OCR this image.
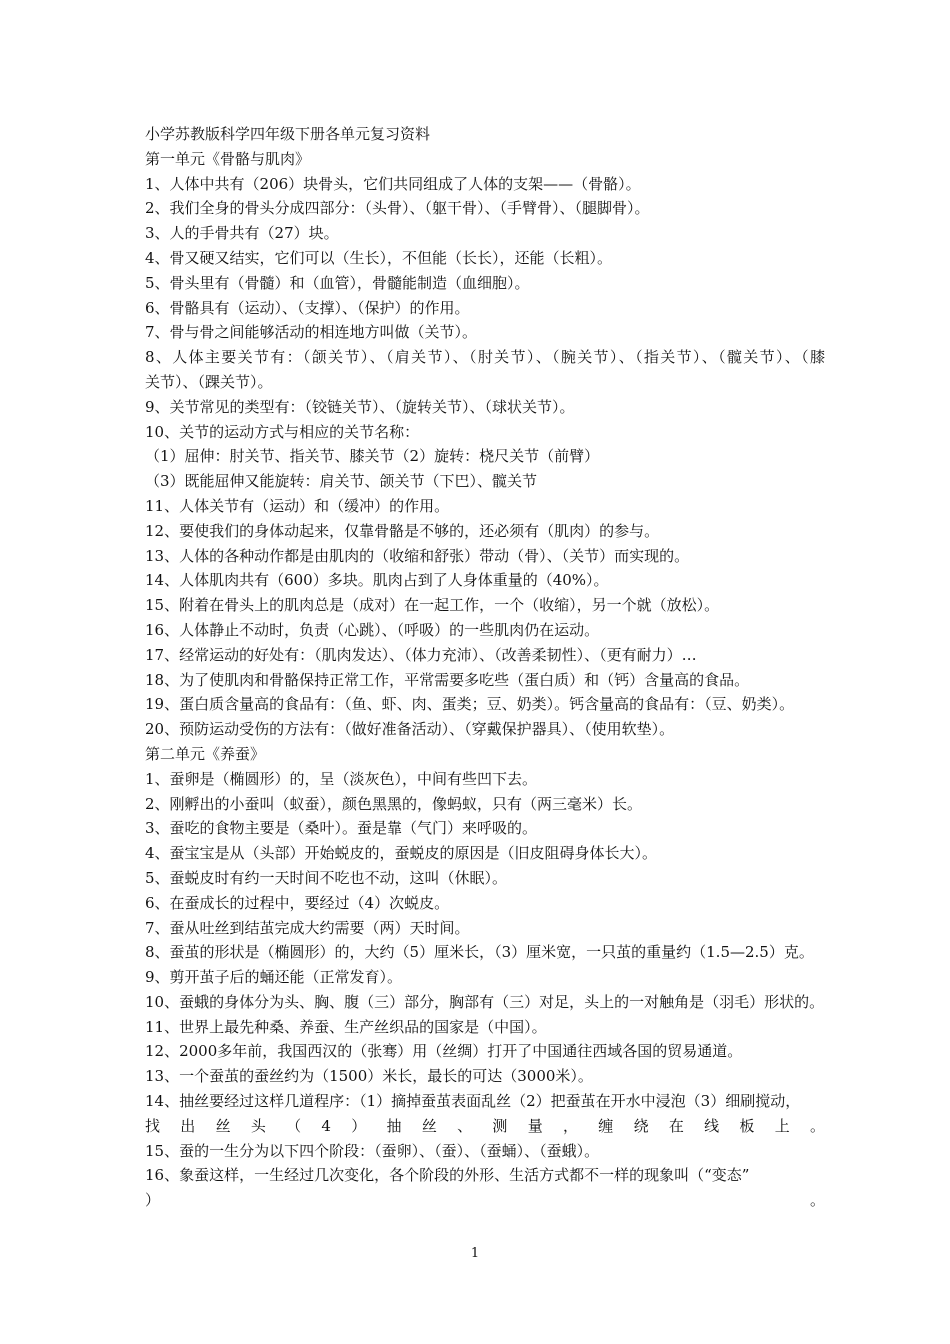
小学苏教版科学四年级下册各单元复习资料
第一单元《骨骼与肌肉》
1、人体中共有（206）块骨头，它们共同组成了人体的支架——（骨骼）。
2、我们全身的骨头分成四部分：（头骨）、（躯干骨）、（手臂骨）、（腿脚骨）。
3、人的手骨共有（27）块。
4、骨又硬又结实，它们可以（生长），不但能（长长），还能（长粗）。
5、骨头里有（骨髓）和（血管），骨髓能制造（血细胞）。
6、骨骼具有（运动）、（支撑）、（保护）的作用。
7、骨与骨之间能够活动的相连地方叫做（关节）。
8、人体主要关节有：（颌关节）、（肩关节）、（肘关节）、（腕关节）、（指关节）、（髋关节）、（膝
关节）、（踝关节）。
9、关节常见的类型有：（铰链关节）、（旋转关节）、（球状关节）。
10、关节的运动方式与相应的关节名称：
（1）屈伸：肘关节、指关节、膝关节（2）旋转：桡尺关节（前臂）
（3）既能屈伸又能旋转：肩关节、颌关节（下巴）、髋关节
11、人体关节有（运动）和（缓冲）的作用。
12、要使我们的身体动起来，仅靠骨骼是不够的，还必须有（肌肉）的参与。
13、人体的各种动作都是由肌肉的（收缩和舒张）带动（骨）、（关节）而实现的。
14、人体肌肉共有（600）多块。肌肉占到了人身体重量的（40%）。
15、附着在骨头上的肌肉总是（成对）在一起工作，一个（收缩），另一个就（放松）。
16、人体静止不动时，负责（心跳）、（呼吸）的一些肌肉仍在运动。
17、经常运动的好处有：（肌肉发达）、（体力充沛）、（改善柔韧性）、（更有耐力）…
18、为了使肌肉和骨骼保持正常工作，平常需要多吃些（蛋白质）和（钙）含量高的食品。
19、蛋白质含量高的食品有：（鱼、虾、肉、蛋类；豆、奶类）。钙含量高的食品有：（豆、奶类）。
20、预防运动受伤的方法有：（做好准备活动）、（穿戴保护器具）、（使用软垫）。
第二单元《养蚕》
1、蚕卵是（椭圆形）的，呈（淡灰色），中间有些凹下去。
2、刚孵出的小蚕叫（蚁蚕），颜色黑黑的，像蚂蚁，只有（两三毫米）长。
3、蚕吃的食物主要是（桑叶）。蚕是靠（气门）来呼吸的。
4、蚕宝宝是从（头部）开始蜕皮的，蚕蜕皮的原因是（旧皮阻碍身体长大）。
5、蚕蜕皮时有约一天时间不吃也不动，这叫（休眠）。
6、在蚕成长的过程中，要经过（4）次蜕皮。
7、蚕从吐丝到结茧完成大约需要（两）天时间。
8、蚕茧的形状是（椭圆形）的，大约（5）厘米长，（3）厘米宽，一只茧的重量约（1.5—2.5）克。
9、剪开茧子后的蛹还能（正常发育）。
10、蚕蛾的身体分为头、胸、腹（三）部分，胸部有（三）对足，头上的一对触角是（羽毛）形状的。
11、世界上最先种桑、养蚕、生产丝织品的国家是（中国）。
12、2000多年前，我国西汉的（张骞）用（丝绸）打开了中国通往西域各国的贸易通道。
13、一个蚕茧的蚕丝约为（1500）米长，最长的可达（3000米）。
14、抽丝要经过这样几道程序：（1）摘掉蚕茧表面乱丝（2）把蚕茧在开水中浸泡（3）细刷搅动，
找出丝头（4）抽丝、测量，缠绕在线板上。
15、蚕的一生分为以下四个阶段：（蚕卵）、（蚕）、（蚕蛹）、（蚕蛾）。
16、象蚕这样，一生经过几次变化，各个阶段的外形、生活方式都不一样的现象叫（“变态”
）。
1
